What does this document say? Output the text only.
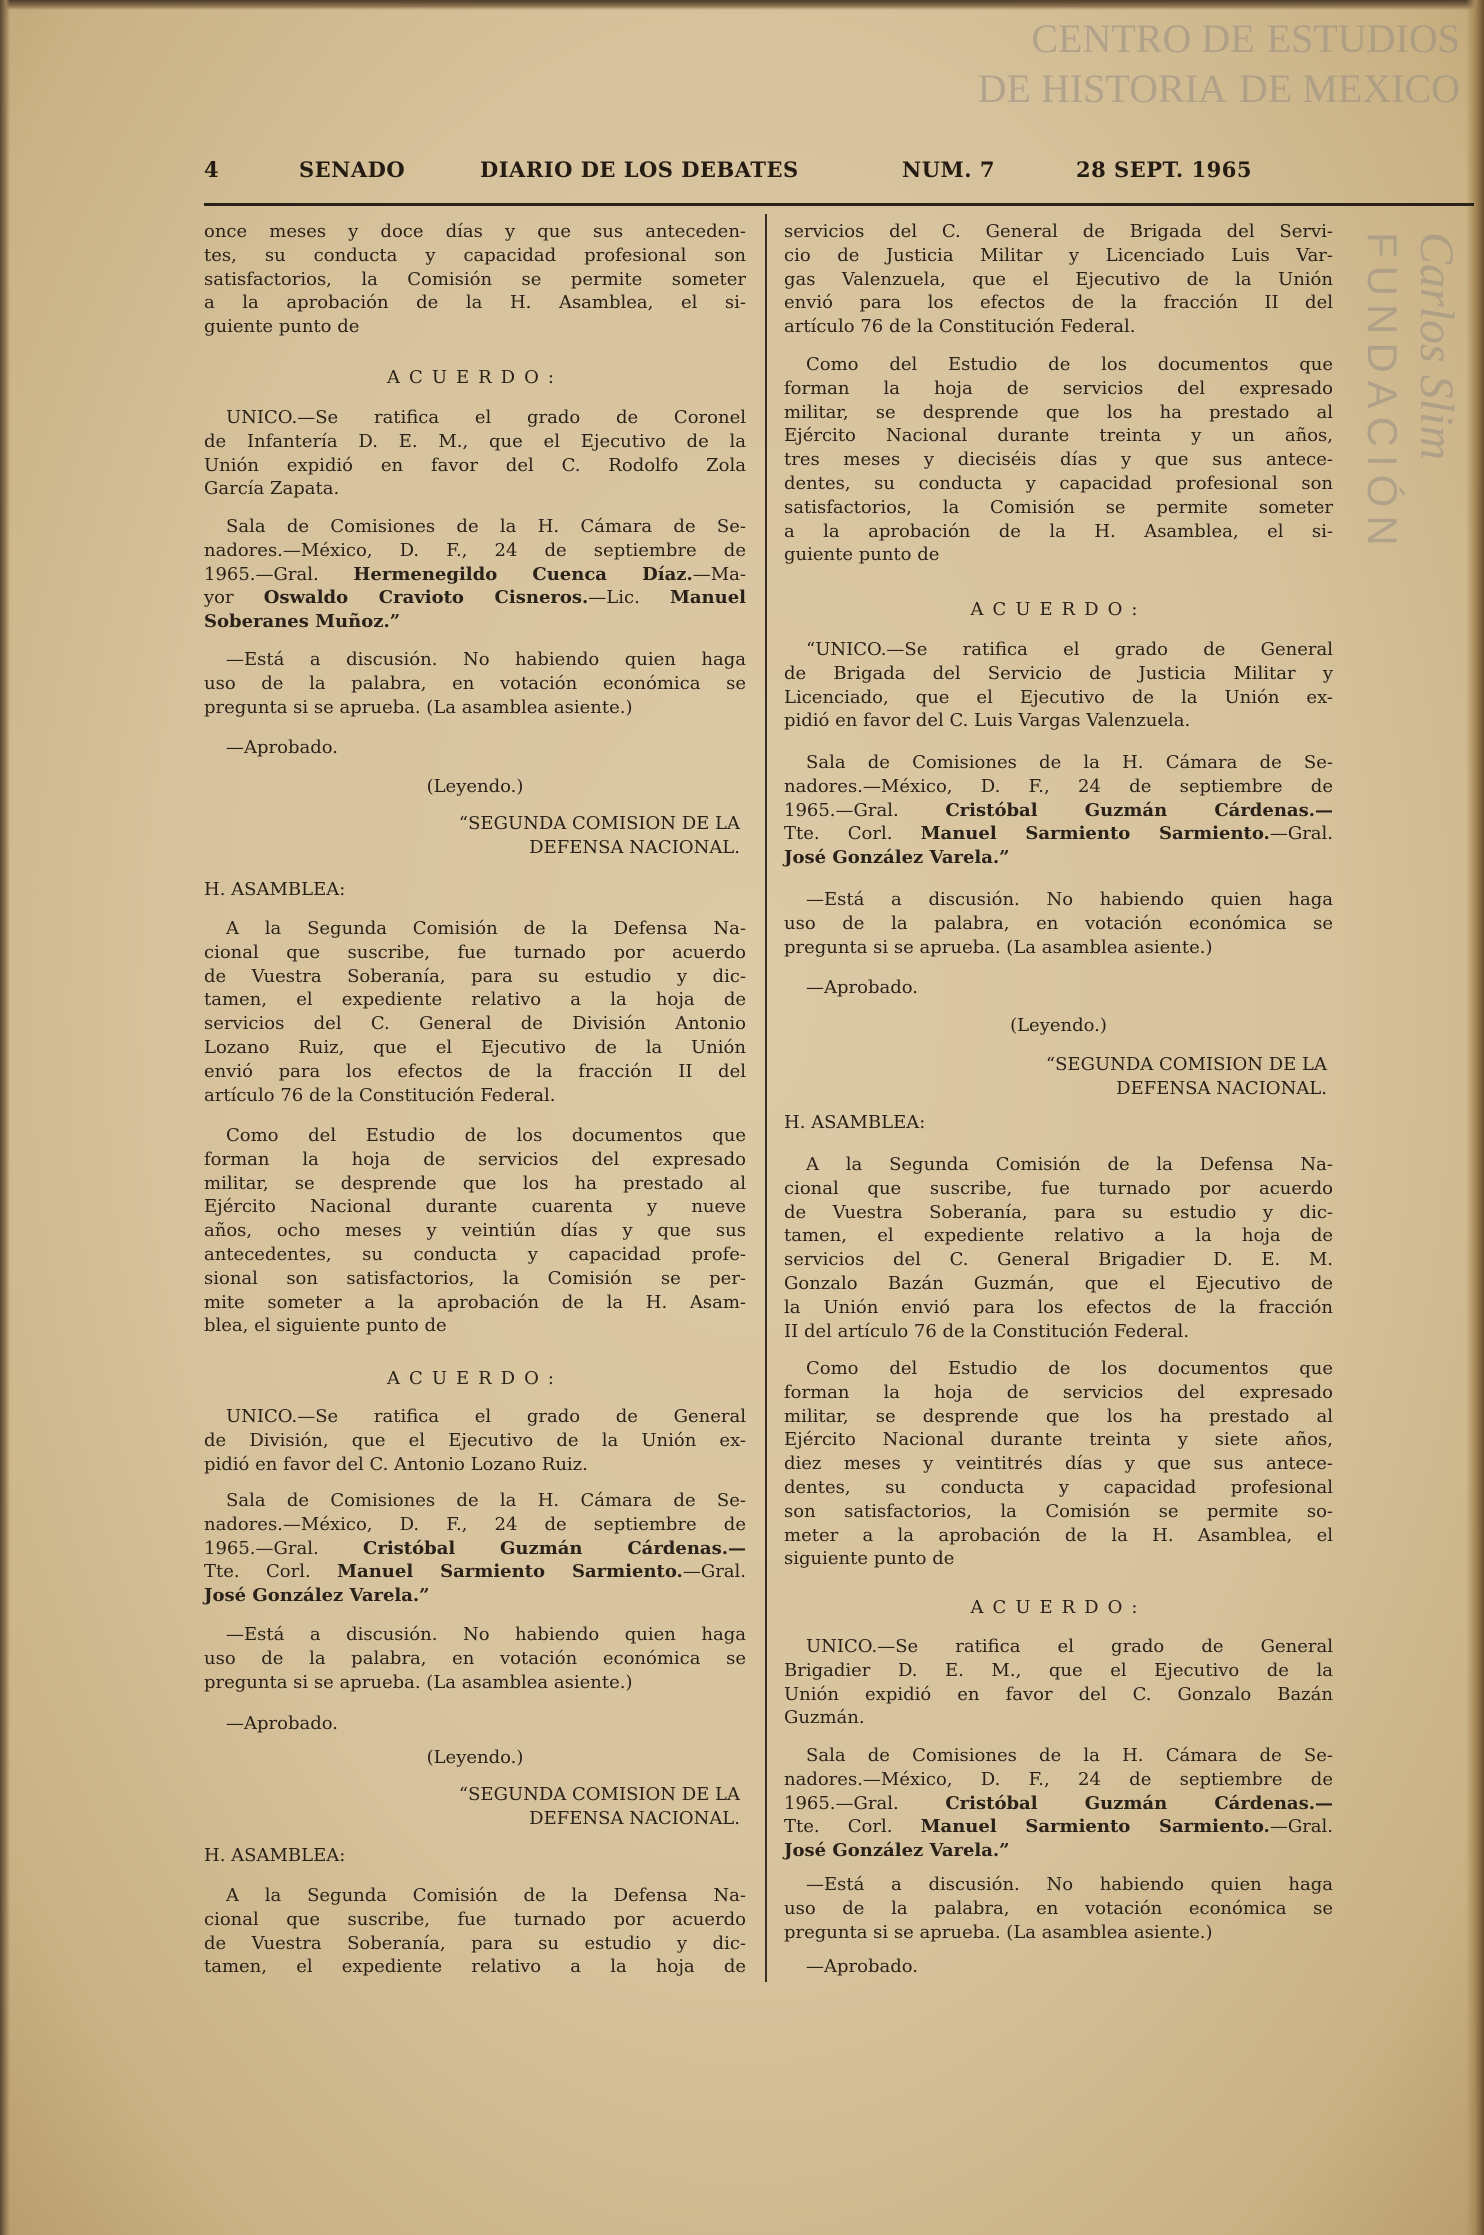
CENTRO DE ESTUDIOS
DE HISTORIA DE MEXICO
FUNDACIÓN Carlos Slim
4	SENADO	DIARIO DE LOS DEBATES	NUM. 7	28 SEPT. 1965
once meses y doce días y que sus anteceden-
tes, su conducta y capacidad profesional son
satisfactorios, la Comisión se permite someter
a la aprobación de la H. Asamblea, el si-
guiente punto de
ACUERDO:
UNICO.—Se ratifica el grado de Coronel
de Infantería D. E. M., que el Ejecutivo de la
Unión expidió en favor del C. Rodolfo Zola
García Zapata.
Sala de Comisiones de la H. Cámara de Se-
nadores.—México, D. F., 24 de septiembre de
1965.—Gral. Hermenegildo Cuenca Díaz.—Ma-
yor Oswaldo Cravioto Cisneros.—Lic. Manuel
Soberanes Muñoz.”
—Está a discusión. No habiendo quien haga
uso de la palabra, en votación económica se
pregunta si se aprueba. (La asamblea asiente.)
—Aprobado.
(Leyendo.)
“SEGUNDA COMISION DE LA
DEFENSA NACIONAL.
H. ASAMBLEA:
A la Segunda Comisión de la Defensa Na-
cional que suscribe, fue turnado por acuerdo
de Vuestra Soberanía, para su estudio y dic-
tamen, el expediente relativo a la hoja de
servicios del C. General de División Antonio
Lozano Ruiz, que el Ejecutivo de la Unión
envió para los efectos de la fracción II del
artículo 76 de la Constitución Federal.
Como del Estudio de los documentos que
forman la hoja de servicios del expresado
militar, se desprende que los ha prestado al
Ejército Nacional durante cuarenta y nueve
años, ocho meses y veintiún días y que sus
antecedentes, su conducta y capacidad profe-
sional son satisfactorios, la Comisión se per-
mite someter a la aprobación de la H. Asam-
blea, el siguiente punto de
ACUERDO:
UNICO.—Se ratifica el grado de General
de División, que el Ejecutivo de la Unión ex-
pidió en favor del C. Antonio Lozano Ruiz.
Sala de Comisiones de la H. Cámara de Se-
nadores.—México, D. F., 24 de septiembre de
1965.—Gral. Cristóbal Guzmán Cárdenas.—
Tte. Corl. Manuel Sarmiento Sarmiento.—Gral.
José González Varela.”
—Está a discusión. No habiendo quien haga
uso de la palabra, en votación económica se
pregunta si se aprueba. (La asamblea asiente.)
—Aprobado.
(Leyendo.)
“SEGUNDA COMISION DE LA
DEFENSA NACIONAL.
H. ASAMBLEA:
A la Segunda Comisión de la Defensa Na-
cional que suscribe, fue turnado por acuerdo
de Vuestra Soberanía, para su estudio y dic-
tamen, el expediente relativo a la hoja de
servicios del C. General de Brigada del Servi-
cio de Justicia Militar y Licenciado Luis Var-
gas Valenzuela, que el Ejecutivo de la Unión
envió para los efectos de la fracción II del
artículo 76 de la Constitución Federal.
Como del Estudio de los documentos que
forman la hoja de servicios del expresado
militar, se desprende que los ha prestado al
Ejército Nacional durante treinta y un años,
tres meses y dieciséis días y que sus antece-
dentes, su conducta y capacidad profesional son
satisfactorios, la Comisión se permite someter
a la aprobación de la H. Asamblea, el si-
guiente punto de
ACUERDO:
“UNICO.—Se ratifica el grado de General
de Brigada del Servicio de Justicia Militar y
Licenciado, que el Ejecutivo de la Unión ex-
pidió en favor del C. Luis Vargas Valenzuela.
Sala de Comisiones de la H. Cámara de Se-
nadores.—México, D. F., 24 de septiembre de
1965.—Gral. Cristóbal Guzmán Cárdenas.—
Tte. Corl. Manuel Sarmiento Sarmiento.—Gral.
José González Varela.”
—Está a discusión. No habiendo quien haga
uso de la palabra, en votación económica se
pregunta si se aprueba. (La asamblea asiente.)
—Aprobado.
(Leyendo.)
“SEGUNDA COMISION DE LA
DEFENSA NACIONAL.
H. ASAMBLEA:
A la Segunda Comisión de la Defensa Na-
cional que suscribe, fue turnado por acuerdo
de Vuestra Soberanía, para su estudio y dic-
tamen, el expediente relativo a la hoja de
servicios del C. General Brigadier D. E. M.
Gonzalo Bazán Guzmán, que el Ejecutivo de
la Unión envió para los efectos de la fracción
II del artículo 76 de la Constitución Federal.
Como del Estudio de los documentos que
forman la hoja de servicios del expresado
militar, se desprende que los ha prestado al
Ejército Nacional durante treinta y siete años,
diez meses y veintitrés días y que sus antece-
dentes, su conducta y capacidad profesional
son satisfactorios, la Comisión se permite so-
meter a la aprobación de la H. Asamblea, el
siguiente punto de
ACUERDO:
UNICO.—Se ratifica el grado de General
Brigadier D. E. M., que el Ejecutivo de la
Unión expidió en favor del C. Gonzalo Bazán
Guzmán.
Sala de Comisiones de la H. Cámara de Se-
nadores.—México, D. F., 24 de septiembre de
1965.—Gral. Cristóbal Guzmán Cárdenas.—
Tte. Corl. Manuel Sarmiento Sarmiento.—Gral.
José González Varela.”
—Está a discusión. No habiendo quien haga
uso de la palabra, en votación económica se
pregunta si se aprueba. (La asamblea asiente.)
—Aprobado.
